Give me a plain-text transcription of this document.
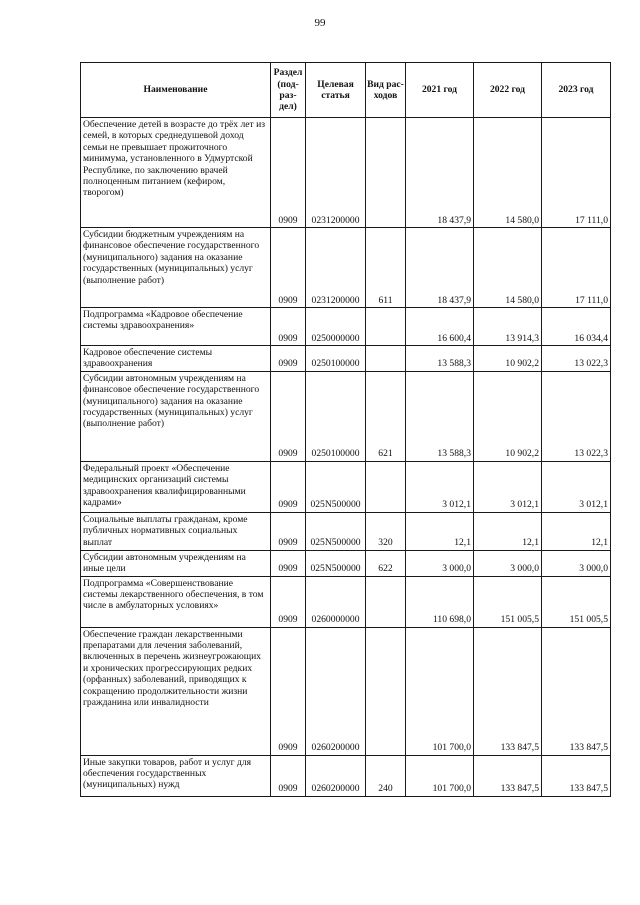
99
Наименование	Раздел (под-раз-дел)	Целевая статья	Вид рас-ходов	2021 год	2022 год	2023 год
Обеспечение детей в возрасте до трёх лет из семей, в которых среднедушевой доход семьи не превышает прожиточного минимума, установленного в Удмуртской Республике, по заключению врачей полноценным питанием (кефиром, творогом)	0909	0231200000		18 437,9	14 580,0	17 111,0
Субсидии бюджетным учреждениям на финансовое обеспечение государственного (муниципального) задания на оказание государственных (муниципальных) услуг (выполнение работ)	0909	0231200000	611	18 437,9	14 580,0	17 111,0
Подпрограмма «Кадровое обеспечение системы здравоохранения»	0909	0250000000		16 600,4	13 914,3	16 034,4
Кадровое обеспечение системы здравоохранения	0909	0250100000		13 588,3	10 902,2	13 022,3
Субсидии автономным учреждениям на финансовое обеспечение государственного (муниципального) задания на оказание государственных (муниципальных) услуг (выполнение работ)	0909	0250100000	621	13 588,3	10 902,2	13 022,3
Федеральный проект «Обеспечение медицинских организаций системы здравоохранения квалифицированными кадрами»	0909	025N500000		3 012,1	3 012,1	3 012,1
Социальные выплаты гражданам, кроме публичных нормативных социальных выплат	0909	025N500000	320	12,1	12,1	12,1
Субсидии автономным учреждениям на иные цели	0909	025N500000	622	3 000,0	3 000,0	3 000,0
Подпрограмма «Совершенствование системы лекарственного обеспечения, в том числе в амбулаторных условиях»	0909	0260000000		110 698,0	151 005,5	151 005,5
Обеспечение граждан лекарственными препаратами для лечения заболеваний, включенных в перечень жизнеугрожающих и хронических прогрессирующих редких (орфанных) заболеваний, приводящих к сокращению продолжительности жизни гражданина или инвалидности	0909	0260200000		101 700,0	133 847,5	133 847,5
Иные закупки товаров, работ и услуг для обеспечения государственных (муниципальных) нужд	0909	0260200000	240	101 700,0	133 847,5	133 847,5
